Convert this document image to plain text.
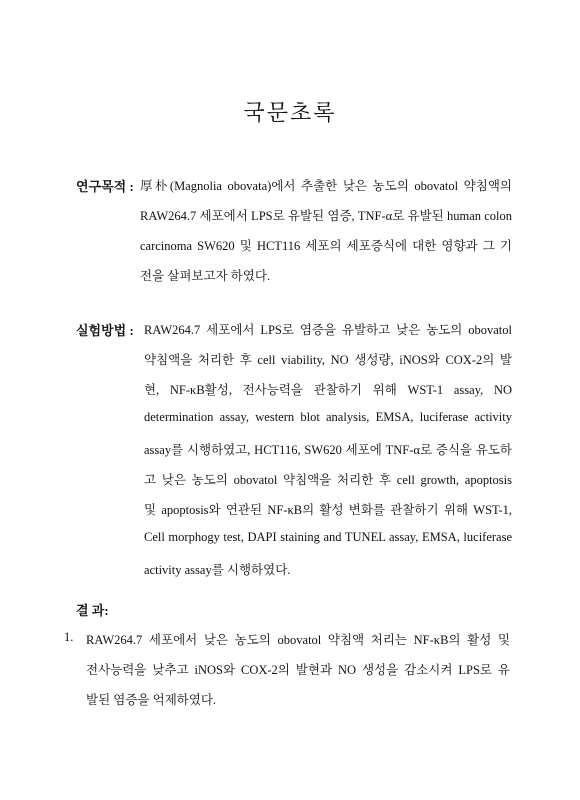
국문초록
연구목적 : 厚朴(Magnolia obovata)에서 추출한 낮은 농도의 obovatol 약침액의
RAW264.7 세포에서 LPS로 유발된 염증, TNF-α로 유발된 human colon
carcinoma SW620 및 HCT116 세포의 세포증식에 대한 영향과 그 기
전을 살펴보고자 하였다.
실험방법 : RAW264.7 세포에서 LPS로 염증을 유발하고 낮은 농도의 obovatol
약침액을 처리한 후 cell viability, NO 생성량, iNOS와 COX-2의 발
현, NF-κB활성, 전사능력을 관찰하기 위해 WST-1 assay, NO
determination assay, western blot analysis, EMSA, luciferase activity
assay를 시행하였고, HCT116, SW620 세포에 TNF-α로 증식을 유도하
고 낮은 농도의 obovatol 약침액을 처리한 후 cell growth, apoptosis
및 apoptosis와 연관된 NF-κB의 활성 변화를 관찰하기 위해 WST-1,
Cell morphogy test, DAPI staining and TUNEL assay, EMSA, luciferase
activity assay를 시행하였다.
결 과:
1. RAW264.7 세포에서 낮은 농도의 obovatol 약침액 처리는 NF-κB의 활성 및
전사능력을 낮추고 iNOS와 COX-2의 발현과 NO 생성을 감소시켜 LPS로 유
발된 염증을 억제하였다.
